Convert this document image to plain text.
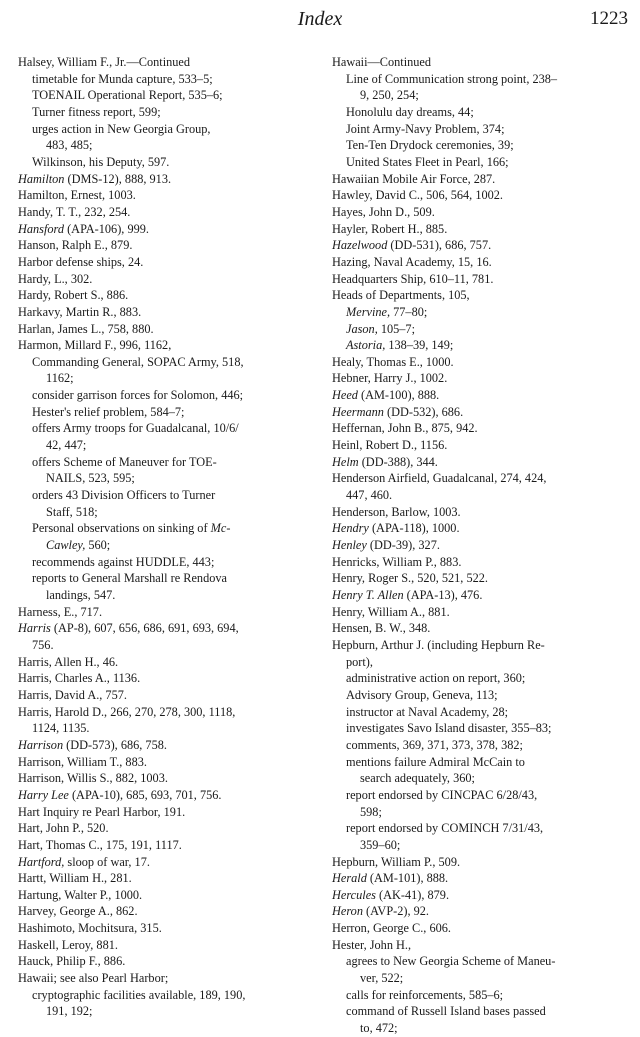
Index	1223
Halsey, William F., Jr.—Continued
timetable for Munda capture, 533–5;
TOENAIL Operational Report, 535–6;
Turner fitness report, 599;
urges action in New Georgia Group,
483, 485;
Wilkinson, his Deputy, 597.
Hamilton (DMS-12), 888, 913.
Hamilton, Ernest, 1003.
Handy, T. T., 232, 254.
Hansford (APA-106), 999.
Hanson, Ralph E., 879.
Harbor defense ships, 24.
Hardy, L., 302.
Hardy, Robert S., 886.
Harkavy, Martin R., 883.
Harlan, James L., 758, 880.
Harmon, Millard F., 996, 1162,
Commanding General, SOPAC Army, 518,
1162;
consider garrison forces for Solomon, 446;
Hester's relief problem, 584–7;
offers Army troops for Guadalcanal, 10/6/
42, 447;
offers Scheme of Maneuver for TOE-
NAILS, 523, 595;
orders 43 Division Officers to Turner
Staff, 518;
Personal observations on sinking of Mc-
Cawley, 560;
recommends against HUDDLE, 443;
reports to General Marshall re Rendova
landings, 547.
Harness, E., 717.
Harris (AP-8), 607, 656, 686, 691, 693, 694,
756.
Harris, Allen H., 46.
Harris, Charles A., 1136.
Harris, David A., 757.
Harris, Harold D., 266, 270, 278, 300, 1118,
1124, 1135.
Harrison (DD-573), 686, 758.
Harrison, William T., 883.
Harrison, Willis S., 882, 1003.
Harry Lee (APA-10), 685, 693, 701, 756.
Hart Inquiry re Pearl Harbor, 191.
Hart, John P., 520.
Hart, Thomas C., 175, 191, 1117.
Hartford, sloop of war, 17.
Hartt, William H., 281.
Hartung, Walter P., 1000.
Harvey, George A., 862.
Hashimoto, Mochitsura, 315.
Haskell, Leroy, 881.
Hauck, Philip F., 886.
Hawaii; see also Pearl Harbor;
cryptographic facilities available, 189, 190,
191, 192;
Hawaii—Continued
Line of Communication strong point, 238–
9, 250, 254;
Honolulu day dreams, 44;
Joint Army-Navy Problem, 374;
Ten-Ten Drydock ceremonies, 39;
United States Fleet in Pearl, 166;
Hawaiian Mobile Air Force, 287.
Hawley, David C., 506, 564, 1002.
Hayes, John D., 509.
Hayler, Robert H., 885.
Hazelwood (DD-531), 686, 757.
Hazing, Naval Academy, 15, 16.
Headquarters Ship, 610–11, 781.
Heads of Departments, 105,
Mervine, 77–80;
Jason, 105–7;
Astoria, 138–39, 149;
Healy, Thomas E., 1000.
Hebner, Harry J., 1002.
Heed (AM-100), 888.
Heermann (DD-532), 686.
Heffernan, John B., 875, 942.
Heinl, Robert D., 1156.
Helm (DD-388), 344.
Henderson Airfield, Guadalcanal, 274, 424,
447, 460.
Henderson, Barlow, 1003.
Hendry (APA-118), 1000.
Henley (DD-39), 327.
Henricks, William P., 883.
Henry, Roger S., 520, 521, 522.
Henry T. Allen (APA-13), 476.
Henry, William A., 881.
Hensen, B. W., 348.
Hepburn, Arthur J. (including Hepburn Re-
port),
administrative action on report, 360;
Advisory Group, Geneva, 113;
instructor at Naval Academy, 28;
investigates Savo Island disaster, 355–83;
comments, 369, 371, 373, 378, 382;
mentions failure Admiral McCain to
search adequately, 360;
report endorsed by CINCPAC 6/28/43,
598;
report endorsed by COMINCH 7/31/43,
359–60;
Hepburn, William P., 509.
Herald (AM-101), 888.
Hercules (AK-41), 879.
Heron (AVP-2), 92.
Herron, George C., 606.
Hester, John H.,
agrees to New Georgia Scheme of Maneu-
ver, 522;
calls for reinforcements, 585–6;
command of Russell Island bases passed
to, 472;
